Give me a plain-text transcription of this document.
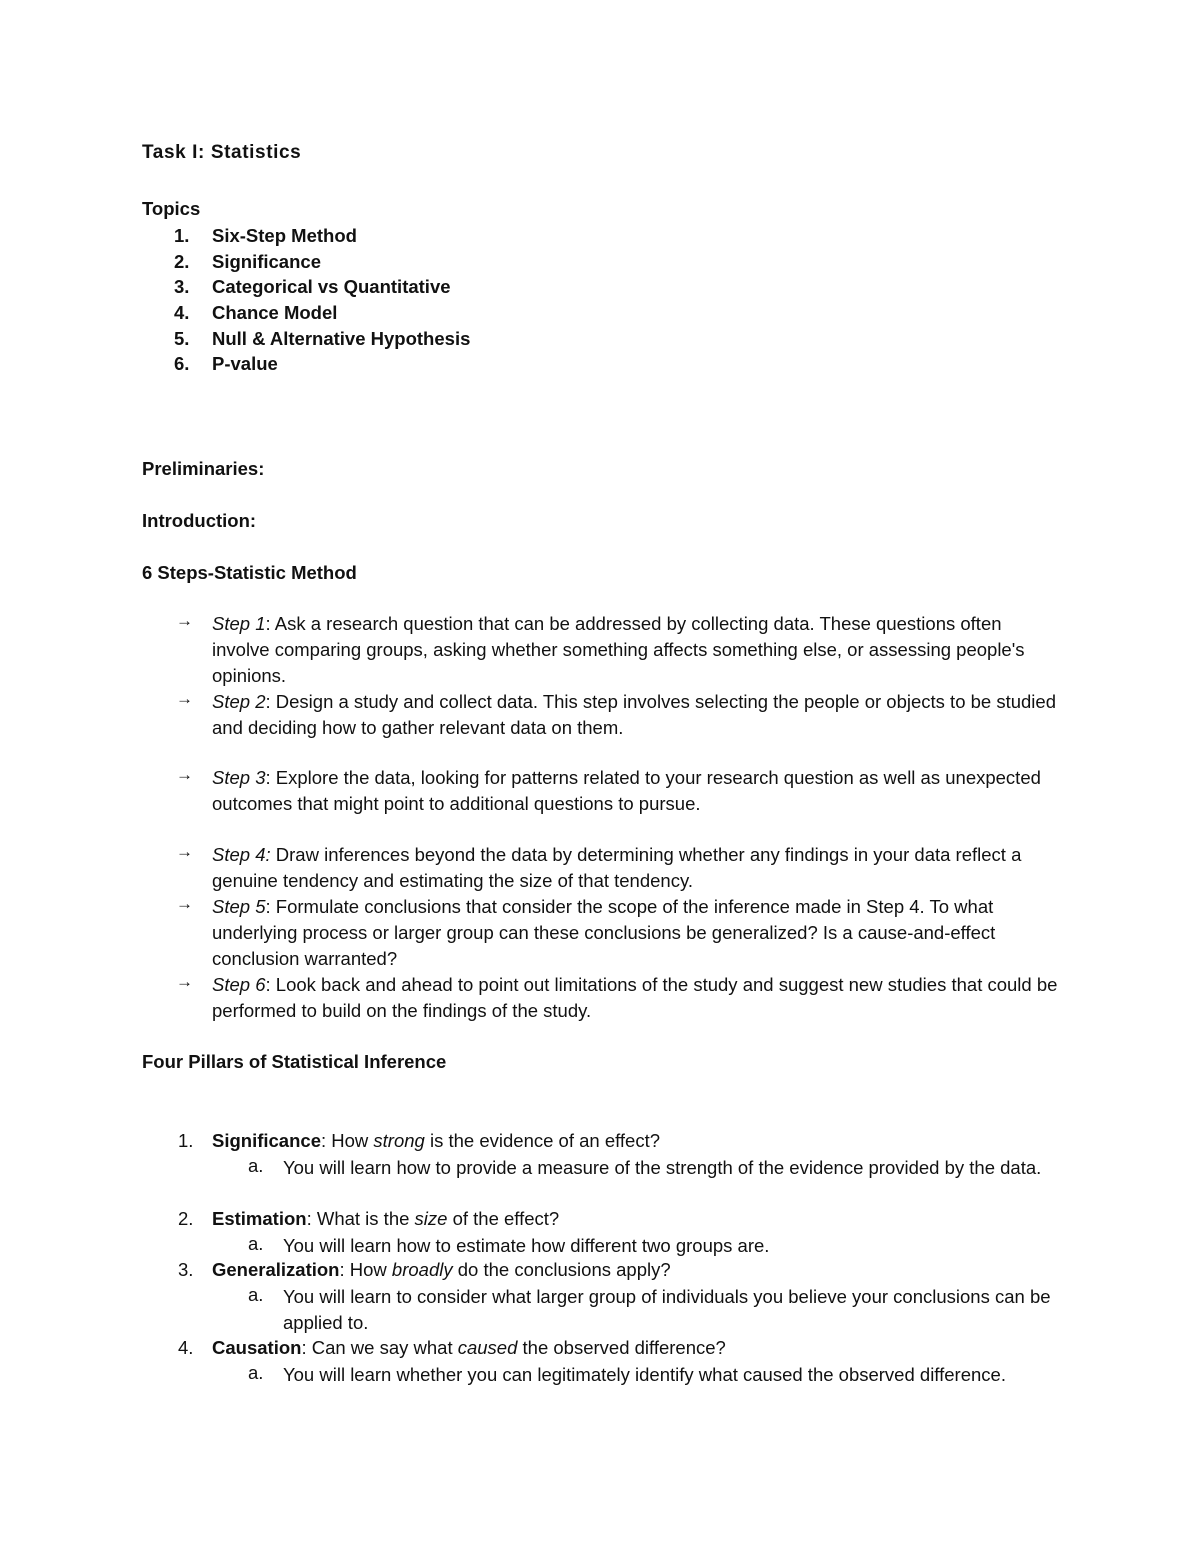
Task I: Statistics
Topics
1. Six-Step Method
2. Significance
3. Categorical vs Quantitative
4. Chance Model
5. Null & Alternative Hypothesis
6. P-value
Preliminaries:
Introduction:
6 Steps-Statistic Method
→ Step 1: Ask a research question that can be addressed by collecting data. These questions often involve comparing groups, asking whether something affects something else, or assessing people's opinions.
→ Step 2: Design a study and collect data. This step involves selecting the people or objects to be studied and deciding how to gather relevant data on them.
→ Step 3: Explore the data, looking for patterns related to your research question as well as unexpected outcomes that might point to additional questions to pursue.
→ Step 4: Draw inferences beyond the data by determining whether any findings in your data reflect a genuine tendency and estimating the size of that tendency.
→ Step 5: Formulate conclusions that consider the scope of the inference made in Step 4. To what underlying process or larger group can these conclusions be generalized? Is a cause-and-effect conclusion warranted?
→ Step 6: Look back and ahead to point out limitations of the study and suggest new studies that could be performed to build on the findings of the study.
Four Pillars of Statistical Inference
1. Significance: How strong is the evidence of an effect?
a. You will learn how to provide a measure of the strength of the evidence provided by the data.
2. Estimation: What is the size of the effect?
a. You will learn how to estimate how different two groups are.
3. Generalization: How broadly do the conclusions apply?
a. You will learn to consider what larger group of individuals you believe your conclusions can be applied to.
4. Causation: Can we say what caused the observed difference?
a. You will learn whether you can legitimately identify what caused the observed difference.
